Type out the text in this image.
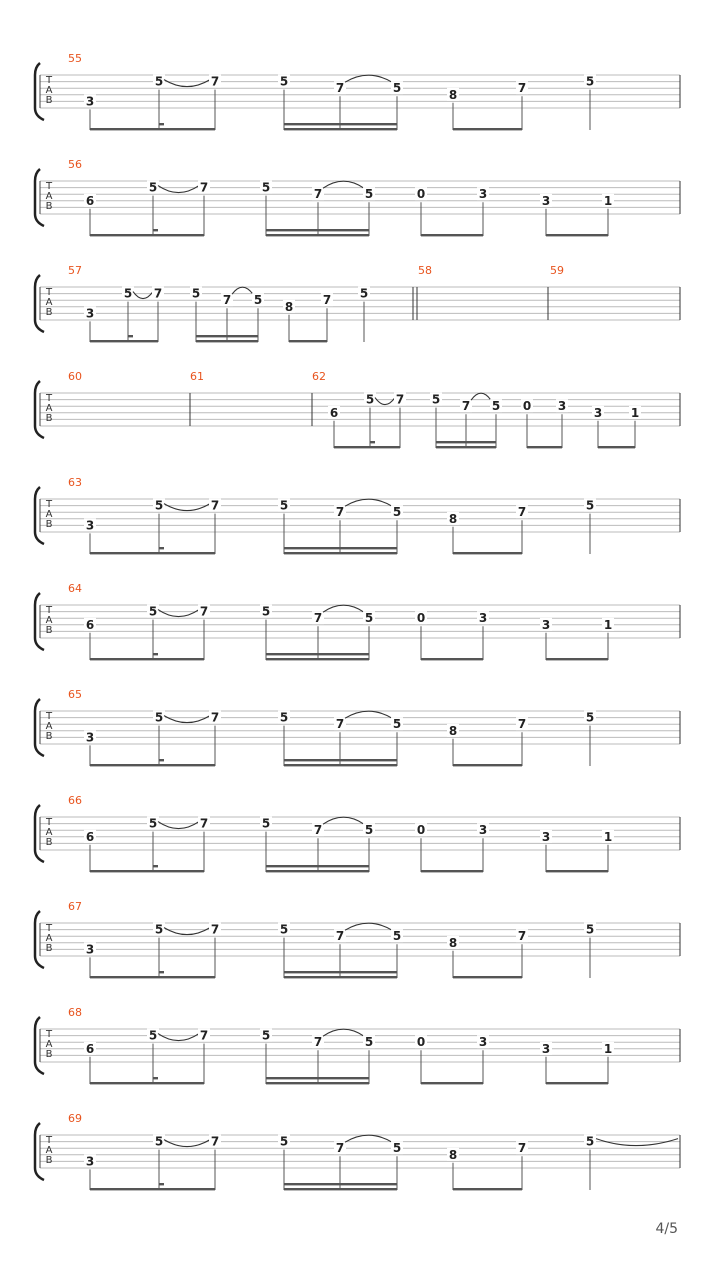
T
A
B
55
3
5	7	5	7	5	8	7	5
T
A
B
56
6
5	7	5	7	5	0	3	3	1
T
A
B
57	58	59
3
5 7 5 7 5 8 7 5
T
A
B
60	61	62
6
5 7 5 7 5 0 3 3 1
T
A
B
63
3
5	7	5	7	5	8	7	5
T
A
B
64
6
5	7	5	7	5	0	3	3	1
T
A
B
65
3
5	7	5	7	5	8	7	5
T
A
B
66
6
5	7	5	7	5	0	3	3	1
T
A
B
67
3
5	7	5	7	5	8	7	5
T
A
B
68
6
5	7	5	7	5	0	3	3	1
T
A
B
69
3
5	7	5	7	5	8	7	5
4/5
